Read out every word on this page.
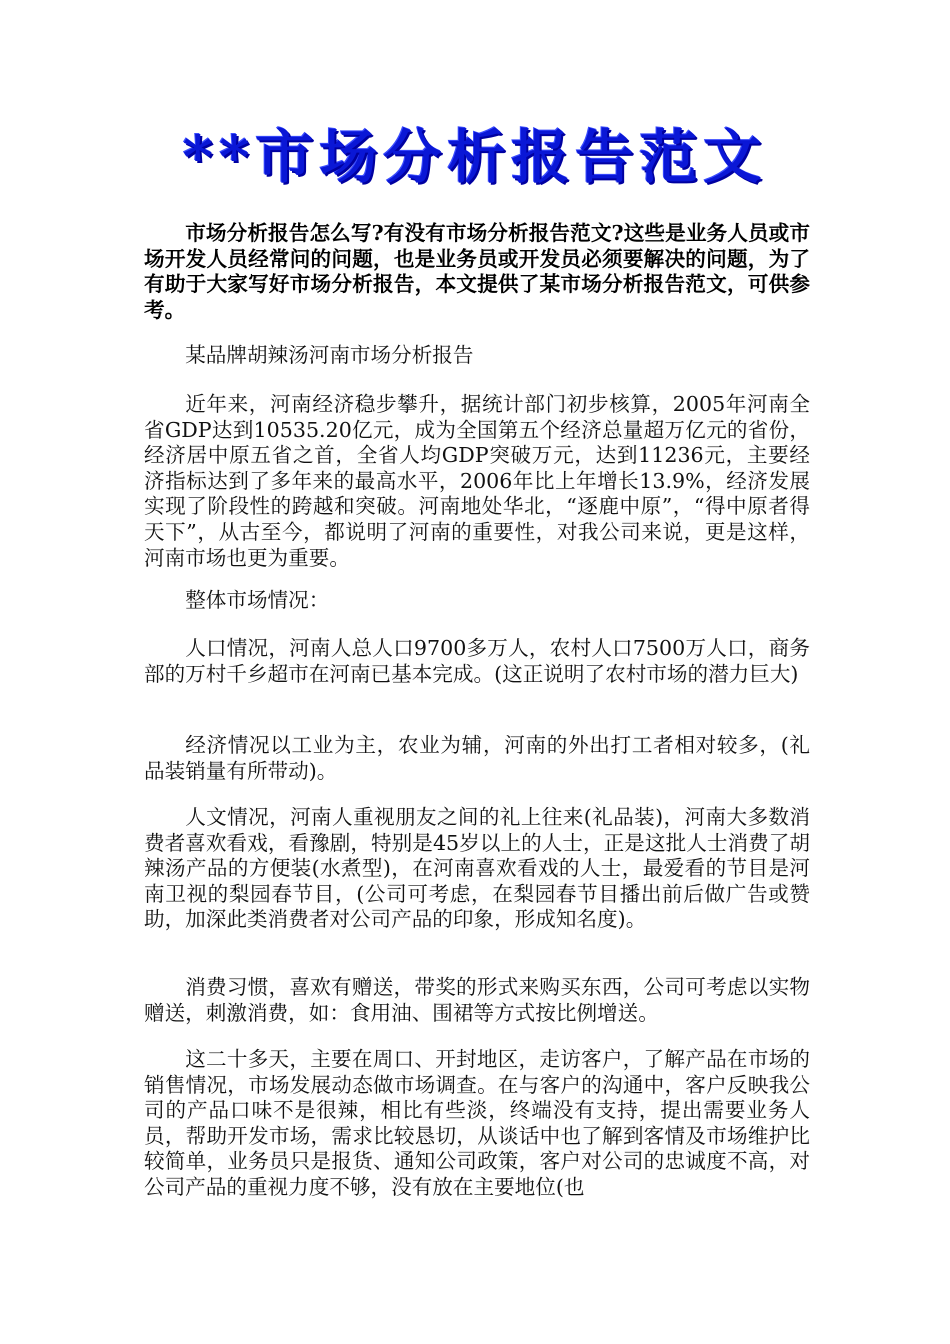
**市场分析报告范文

市场分析报告怎么写?有没有市场分析报告范文?这些是业务人员或市场开发人员经常问的问题，也是业务员或开发员必须要解决的问题，为了有助于大家写好市场分析报告，本文提供了某市场分析报告范文，可供参考。

某品牌胡辣汤河南市场分析报告

近年来，河南经济稳步攀升，据统计部门初步核算，2005年河南全省GDP达到10535.20亿元，成为全国第五个经济总量超万亿元的省份，经济居中原五省之首，全省人均GDP突破万元，达到11236元，主要经济指标达到了多年来的最高水平，2006年比上年增长13.9%，经济发展实现了阶段性的跨越和突破。河南地处华北，“逐鹿中原”，“得中原者得天下”，从古至今，都说明了河南的重要性，对我公司来说，更是这样，河南市场也更为重要。

整体市场情况：

人口情况，河南人总人口9700多万人，农村人口7500万人口，商务部的万村千乡超市在河南已基本完成。(这正说明了农村市场的潜力巨大)

经济情况以工业为主，农业为辅，河南的外出打工者相对较多，(礼品装销量有所带动)。

人文情况，河南人重视朋友之间的礼上往来(礼品装)，河南大多数消费者喜欢看戏，看豫剧，特别是45岁以上的人士，正是这批人士消费了胡辣汤产品的方便装(水煮型)，在河南喜欢看戏的人士，最爱看的节目是河南卫视的梨园春节目，(公司可考虑，在梨园春节目播出前后做广告或赞助，加深此类消费者对公司产品的印象，形成知名度)。

消费习惯，喜欢有赠送，带奖的形式来购买东西，公司可考虑以实物赠送，刺激消费，如：食用油、围裙等方式按比例增送。

这二十多天，主要在周口、开封地区，走访客户，了解产品在市场的销售情况，市场发展动态做市场调查。在与客户的沟通中，客户反映我公司的产品口味不是很辣，相比有些淡，终端没有支持，提出需要业务人员，帮助开发市场，需求比较恳切，从谈话中也了解到客情及市场维护比较简单，业务员只是报货、通知公司政策，客户对公司的忠诚度不高，对公司产品的重视力度不够，没有放在主要地位(也
